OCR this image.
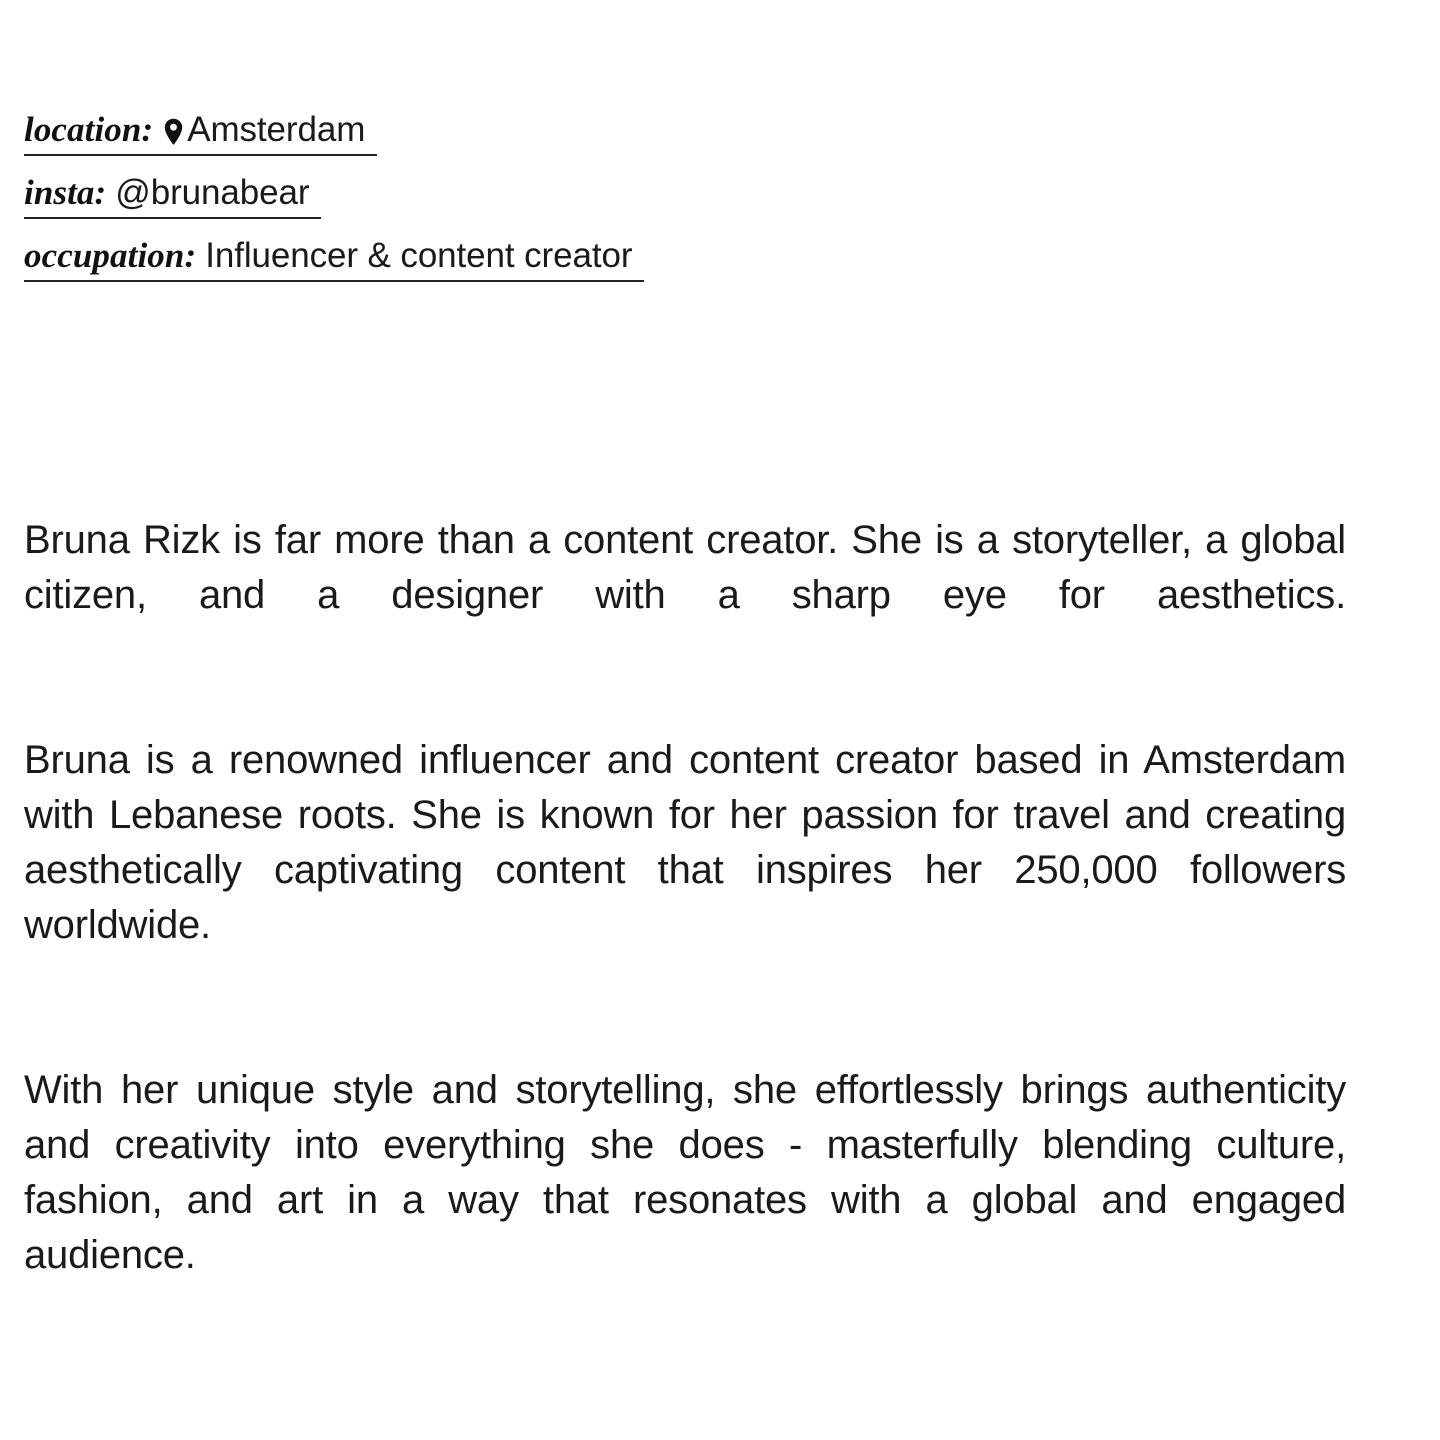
location: Amsterdam
insta: @brunabear
occupation: Influencer & content creator

Bruna Rizk is far more than a content creator. She is a storyteller, a global citizen, and a designer with a sharp eye for aesthetics.

Bruna is a renowned influencer and content creator based in Amsterdam with Lebanese roots. She is known for her passion for travel and creating aesthetically captivating content that inspires her 250,000 followers worldwide.

With her unique style and storytelling, she effortlessly brings authenticity and creativity into everything she does - masterfully blending culture, fashion, and art in a way that resonates with a global and engaged audience.
